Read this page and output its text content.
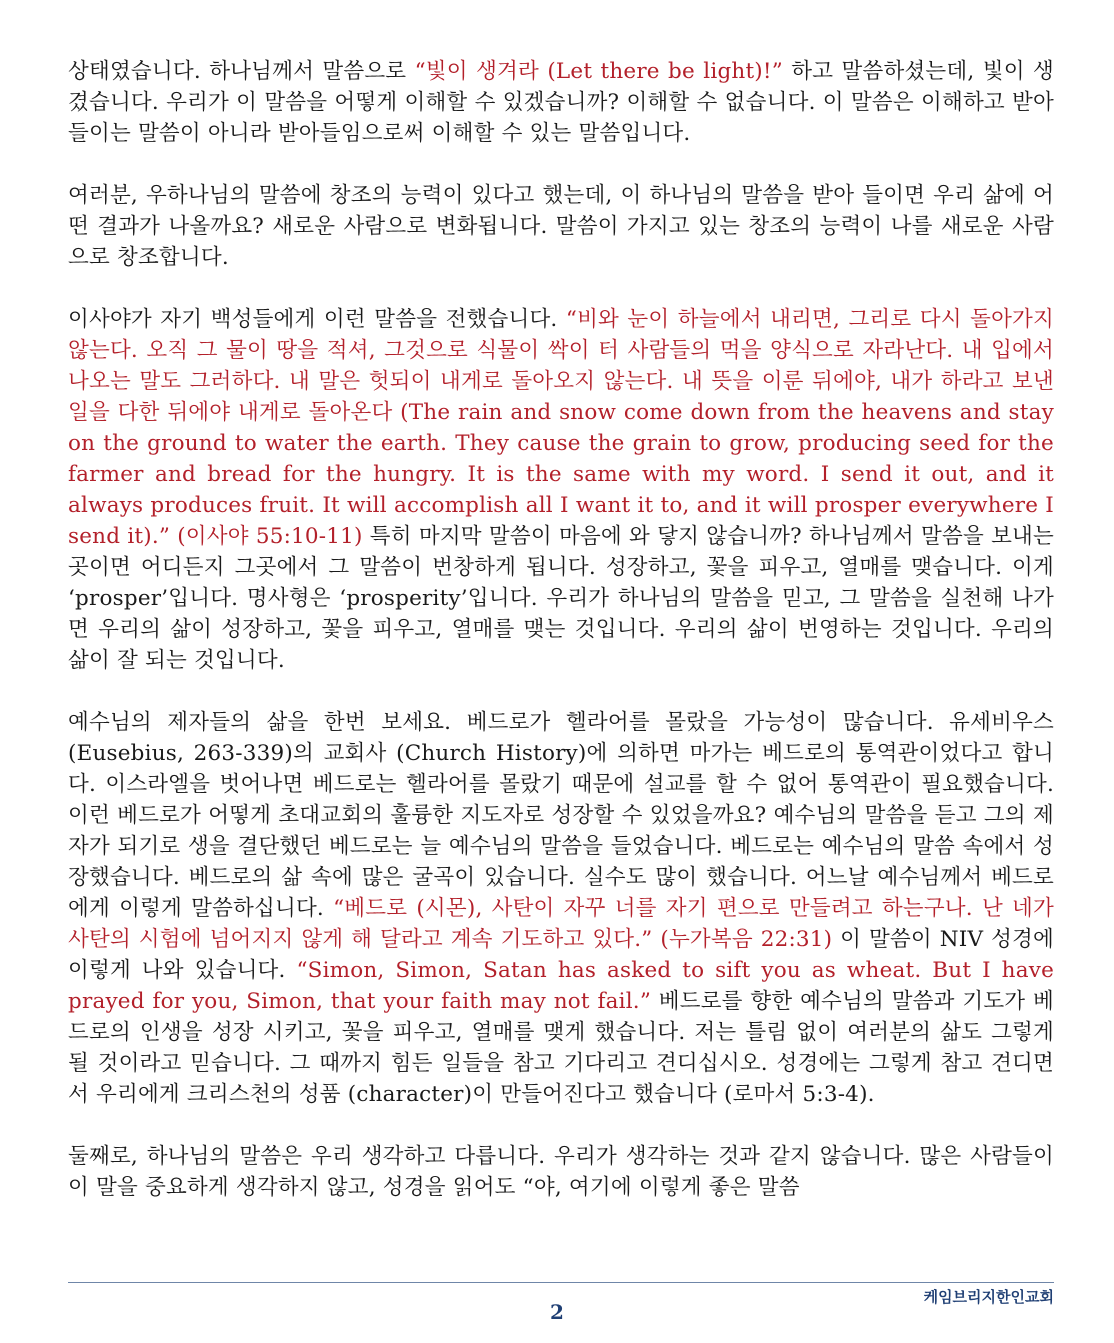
상태였습니다. 하나님께서 말씀으로 “빛이 생겨라 (Let there be light)!” 하고 말씀하셨는데, 빛이 생겼습니다. 우리가 이 말씀을 어떻게 이해할 수 있겠습니까? 이해할 수 없습니다. 이 말씀은 이해하고 받아들이는 말씀이 아니라 받아들임으로써 이해할 수 있는 말씀입니다.

여러분, 우하나님의 말씀에 창조의 능력이 있다고 했는데, 이 하나님의 말씀을 받아 들이면 우리 삶에 어떤 결과가 나올까요? 새로운 사람으로 변화됩니다. 말씀이 가지고 있는 창조의 능력이 나를 새로운 사람으로 창조합니다.

이사야가 자기 백성들에게 이런 말씀을 전했습니다. “비와 눈이 하늘에서 내리면, 그리로 다시 돌아가지 않는다. 오직 그 물이 땅을 적셔, 그것으로 식물이 싹이 터 사람들의 먹을 양식으로 자라난다. 내 입에서 나오는 말도 그러하다. 내 말은 헛되이 내게로 돌아오지 않는다. 내 뜻을 이룬 뒤에야, 내가 하라고 보낸 일을 다한 뒤에야 내게로 돌아온다 (The rain and snow come down from the heavens and stay on the ground to water the earth. They cause the grain to grow, producing seed for the farmer and bread for the hungry. It is the same with my word. I send it out, and it always produces fruit. It will accomplish all I want it to, and it will prosper everywhere I send it).” (이사야 55:10-11) 특히 마지막 말씀이 마음에 와 닿지 않습니까? 하나님께서 말씀을 보내는 곳이면 어디든지 그곳에서 그 말씀이 번창하게 됩니다. 성장하고, 꽃을 피우고, 열매를 맺습니다. 이게 ‘prosper’입니다. 명사형은 ‘prosperity’입니다. 우리가 하나님의 말씀을 믿고, 그 말씀을 실천해 나가면 우리의 삶이 성장하고, 꽃을 피우고, 열매를 맺는 것입니다. 우리의 삶이 번영하는 것입니다. 우리의 삶이 잘 되는 것입니다.

예수님의 제자들의 삶을 한번 보세요. 베드로가 헬라어를 몰랐을 가능성이 많습니다. 유세비우스(Eusebius, 263-339)의 교회사 (Church History)에 의하면 마가는 베드로의 통역관이었다고 합니다. 이스라엘을 벗어나면 베드로는 헬라어를 몰랐기 때문에 설교를 할 수 없어 통역관이 필요했습니다. 이런 베드로가 어떻게 초대교회의 훌륭한 지도자로 성장할 수 있었을까요? 예수님의 말씀을 듣고 그의 제자가 되기로 생을 결단했던 베드로는 늘 예수님의 말씀을 들었습니다. 베드로는 예수님의 말씀 속에서 성장했습니다. 베드로의 삶 속에 많은 굴곡이 있습니다. 실수도 많이 했습니다. 어느날 예수님께서 베드로에게 이렇게 말씀하십니다. “베드로 (시몬), 사탄이 자꾸 너를 자기 편으로 만들려고 하는구나. 난 네가 사탄의 시험에 넘어지지 않게 해 달라고 계속 기도하고 있다.” (누가복음 22:31) 이 말씀이 NIV 성경에 이렇게 나와 있습니다. “Simon, Simon, Satan has asked to sift you as wheat. But I have prayed for you, Simon, that your faith may not fail.” 베드로를 향한 예수님의 말씀과 기도가 베드로의 인생을 성장 시키고, 꽃을 피우고, 열매를 맺게 했습니다. 저는 틀림 없이 여러분의 삶도 그렇게 될 것이라고 믿습니다. 그 때까지 힘든 일들을 참고 기다리고 견디십시오. 성경에는 그렇게 참고 견디면서 우리에게 크리스천의 성품 (character)이 만들어진다고 했습니다 (로마서 5:3-4).

둘째로, 하나님의 말씀은 우리 생각하고 다릅니다. 우리가 생각하는 것과 같지 않습니다. 많은 사람들이 이 말을 중요하게 생각하지 않고, 성경을 읽어도 “야, 여기에 이렇게 좋은 말씀

케임브리지한인교회
2
